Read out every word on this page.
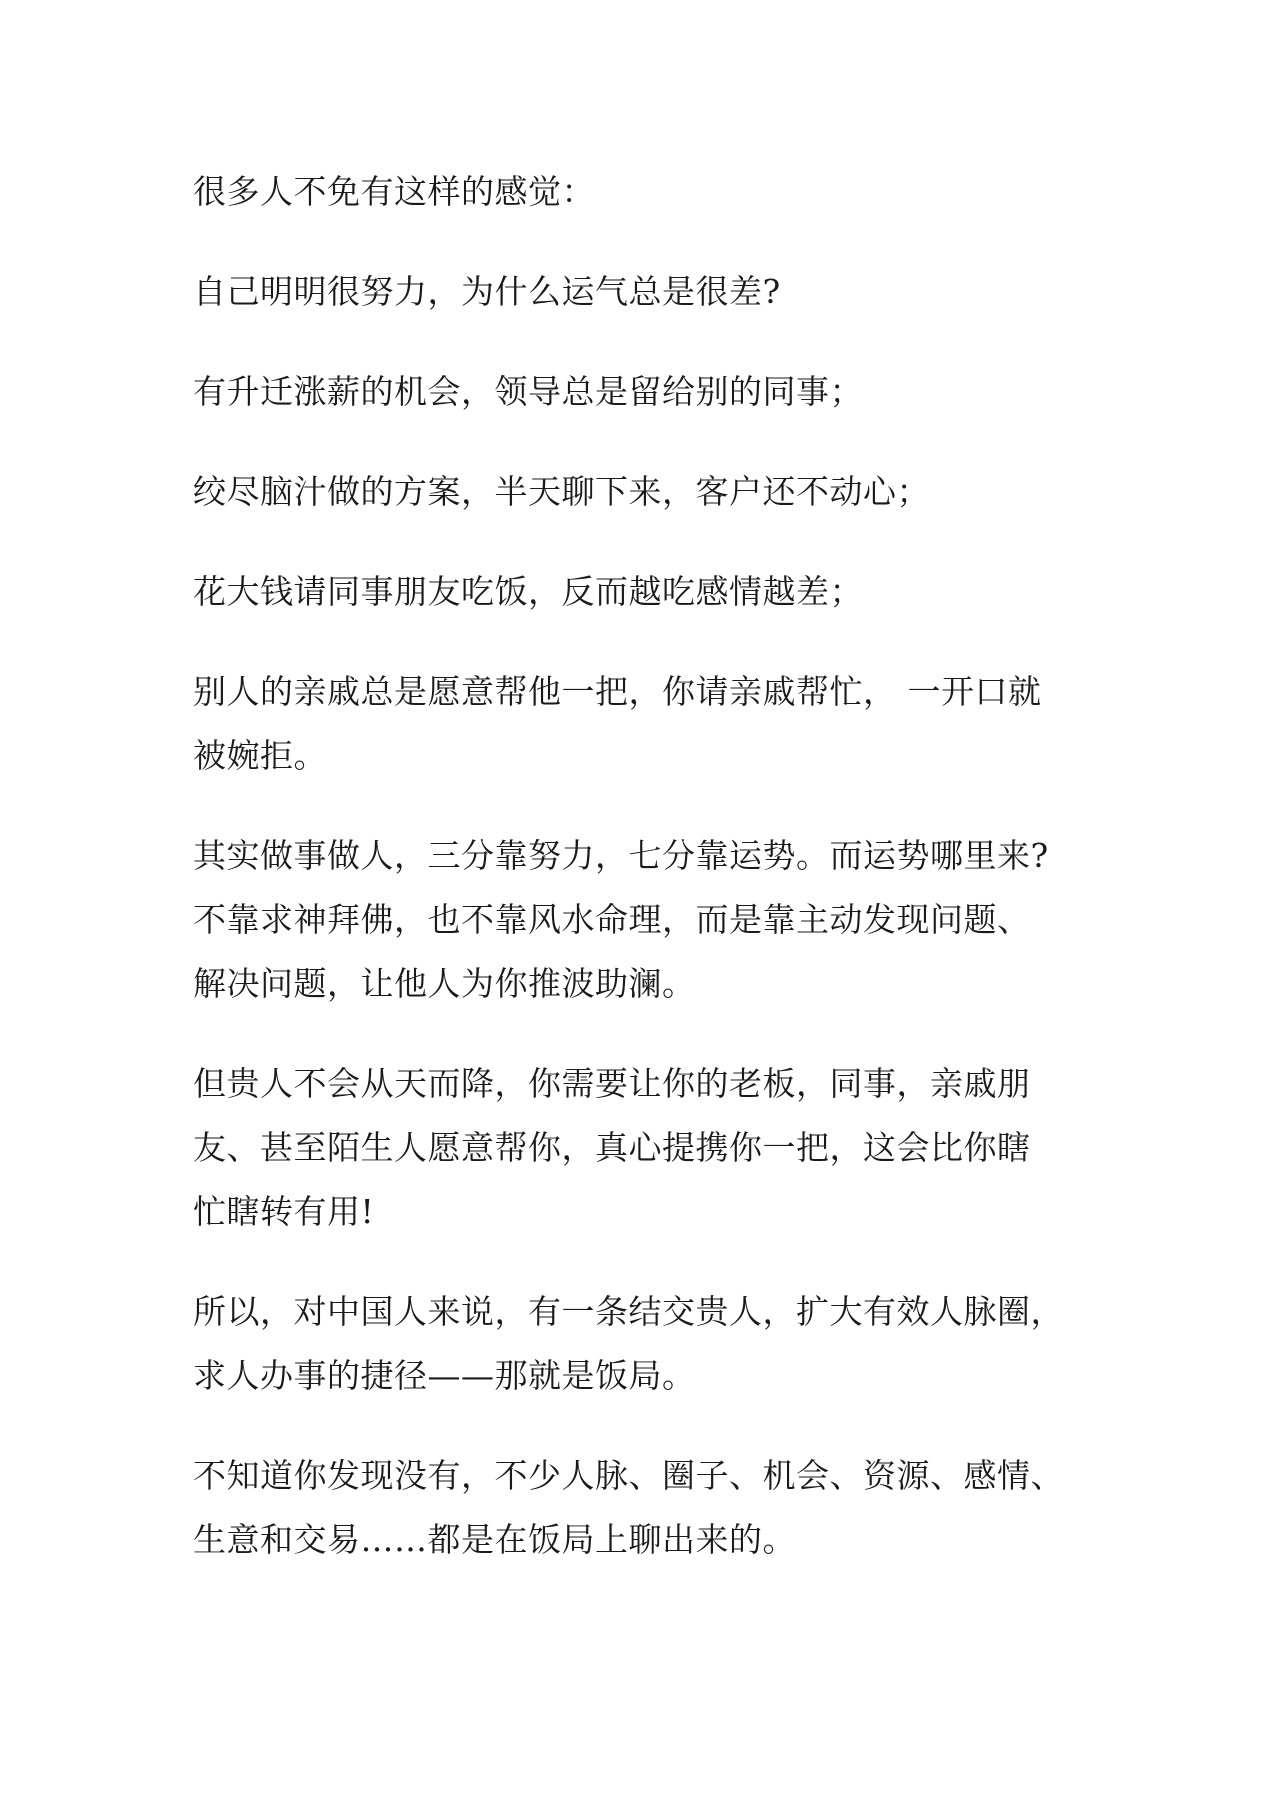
很多人不免有这样的感觉：

自己明明很努力，为什么运气总是很差?

有升迁涨薪的机会，领导总是留给别的同事；

绞尽脑汁做的方案，半天聊下来，客户还不动心；

花大钱请同事朋友吃饭，反而越吃感情越差；

别人的亲戚总是愿意帮他一把，你请亲戚帮忙， 一开口就
被婉拒。

其实做事做人，三分靠努力，七分靠运势。而运势哪里来?
不靠求神拜佛，也不靠风水命理，而是靠主动发现问题、
解决问题，让他人为你推波助澜。

但贵人不会从天而降，你需要让你的老板，同事，亲戚朋
友、甚至陌生人愿意帮你，真心提携你一把，这会比你瞎
忙瞎转有用!

所以，对中国人来说，有一条结交贵人，扩大有效人脉圈，
求人办事的捷径——那就是饭局。

不知道你发现没有，不少人脉、圈子、机会、资源、感情、
生意和交易……都是在饭局上聊出来的。
